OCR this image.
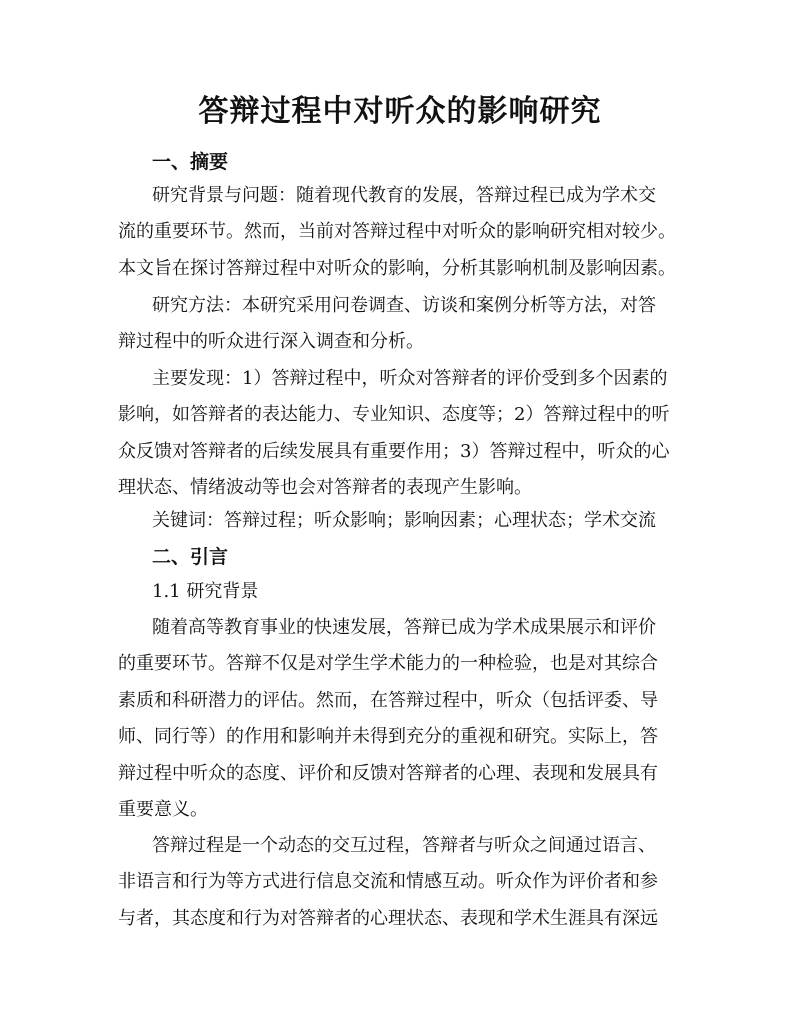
答辩过程中对听众的影响研究
一、摘要
研究背景与问题：随着现代教育的发展，答辩过程已成为学术交
流的重要环节。然而，当前对答辩过程中对听众的影响研究相对较少。
本文旨在探讨答辩过程中对听众的影响，分析其影响机制及影响因素。
研究方法：本研究采用问卷调查、访谈和案例分析等方法，对答
辩过程中的听众进行深入调查和分析。
主要发现：1）答辩过程中，听众对答辩者的评价受到多个因素的
影响，如答辩者的表达能力、专业知识、态度等；2）答辩过程中的听
众反馈对答辩者的后续发展具有重要作用；3）答辩过程中，听众的心
理状态、情绪波动等也会对答辩者的表现产生影响。
关键词：答辩过程；听众影响；影响因素；心理状态；学术交流
二、引言
1.1 研究背景
随着高等教育事业的快速发展，答辩已成为学术成果展示和评价
的重要环节。答辩不仅是对学生学术能力的一种检验，也是对其综合
素质和科研潜力的评估。然而，在答辩过程中，听众（包括评委、导
师、同行等）的作用和影响并未得到充分的重视和研究。实际上，答
辩过程中听众的态度、评价和反馈对答辩者的心理、表现和发展具有
重要意义。
答辩过程是一个动态的交互过程，答辩者与听众之间通过语言、
非语言和行为等方式进行信息交流和情感互动。听众作为评价者和参
与者，其态度和行为对答辩者的心理状态、表现和学术生涯具有深远
